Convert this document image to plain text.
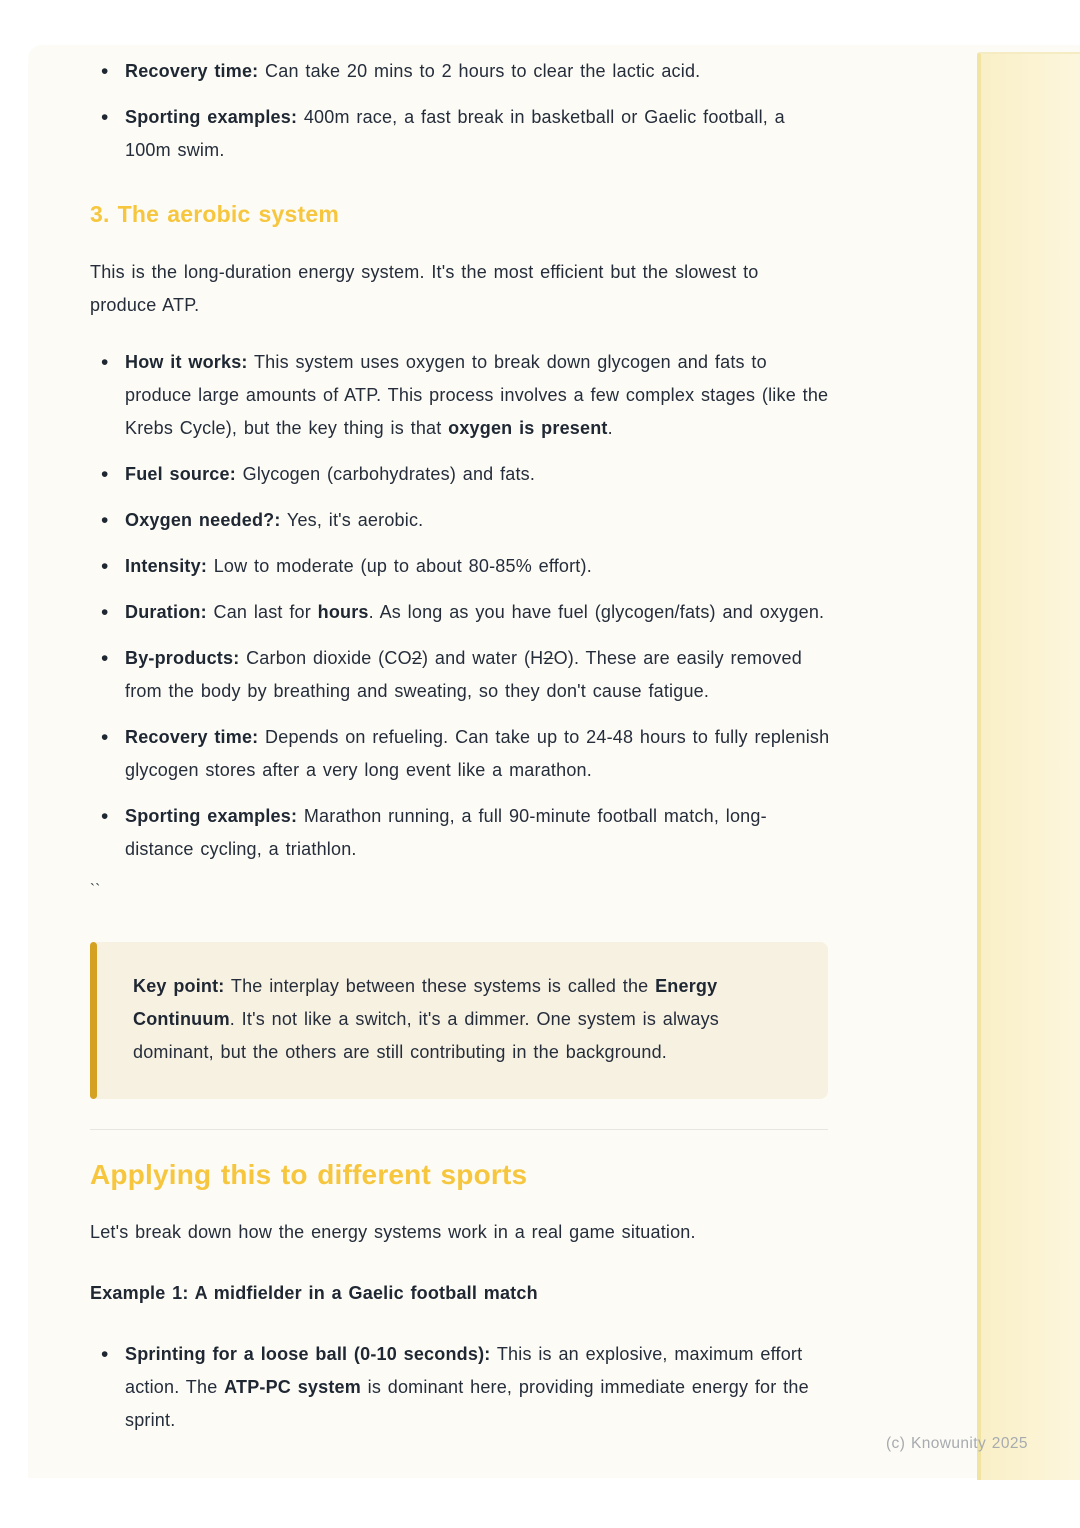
• Recovery time: Can take 20 mins to 2 hours to clear the lactic acid.
• Sporting examples: 400m race, a fast break in basketball or Gaelic football, a 100m swim.
3. The aerobic system

This is the long-duration energy system. It's the most efficient but the slowest to produce ATP.

• How it works: This system uses oxygen to break down glycogen and fats to produce large amounts of ATP. This process involves a few complex stages (like the Krebs Cycle), but the key thing is that oxygen is present.
• Fuel source: Glycogen (carbohydrates) and fats.
• Oxygen needed?: Yes, it's aerobic.
• Intensity: Low to moderate (up to about 80-85% effort).
• Duration: Can last for hours. As long as you have fuel (glycogen/fats) and oxygen.
• By-products: Carbon dioxide (CO2) and water (H2O). These are easily removed from the body by breathing and sweating, so they don't cause fatigue.
• Recovery time: Depends on refueling. Can take up to 24-48 hours to fully replenish glycogen stores after a very long event like a marathon.
• Sporting examples: Marathon running, a full 90-minute football match, long-distance cycling, a triathlon.
``
Key point: The interplay between these systems is called the Energy Continuum. It's not like a switch, it's a dimmer. One system is always dominant, but the others are still contributing in the background.
Applying this to different sports

Let's break down how the energy systems work in a real game situation.

Example 1: A midfielder in a Gaelic football match

• Sprinting for a loose ball (0-10 seconds): This is an explosive, maximum effort action. The ATP-PC system is dominant here, providing immediate energy for the sprint.
(c) Knowunity 2025
